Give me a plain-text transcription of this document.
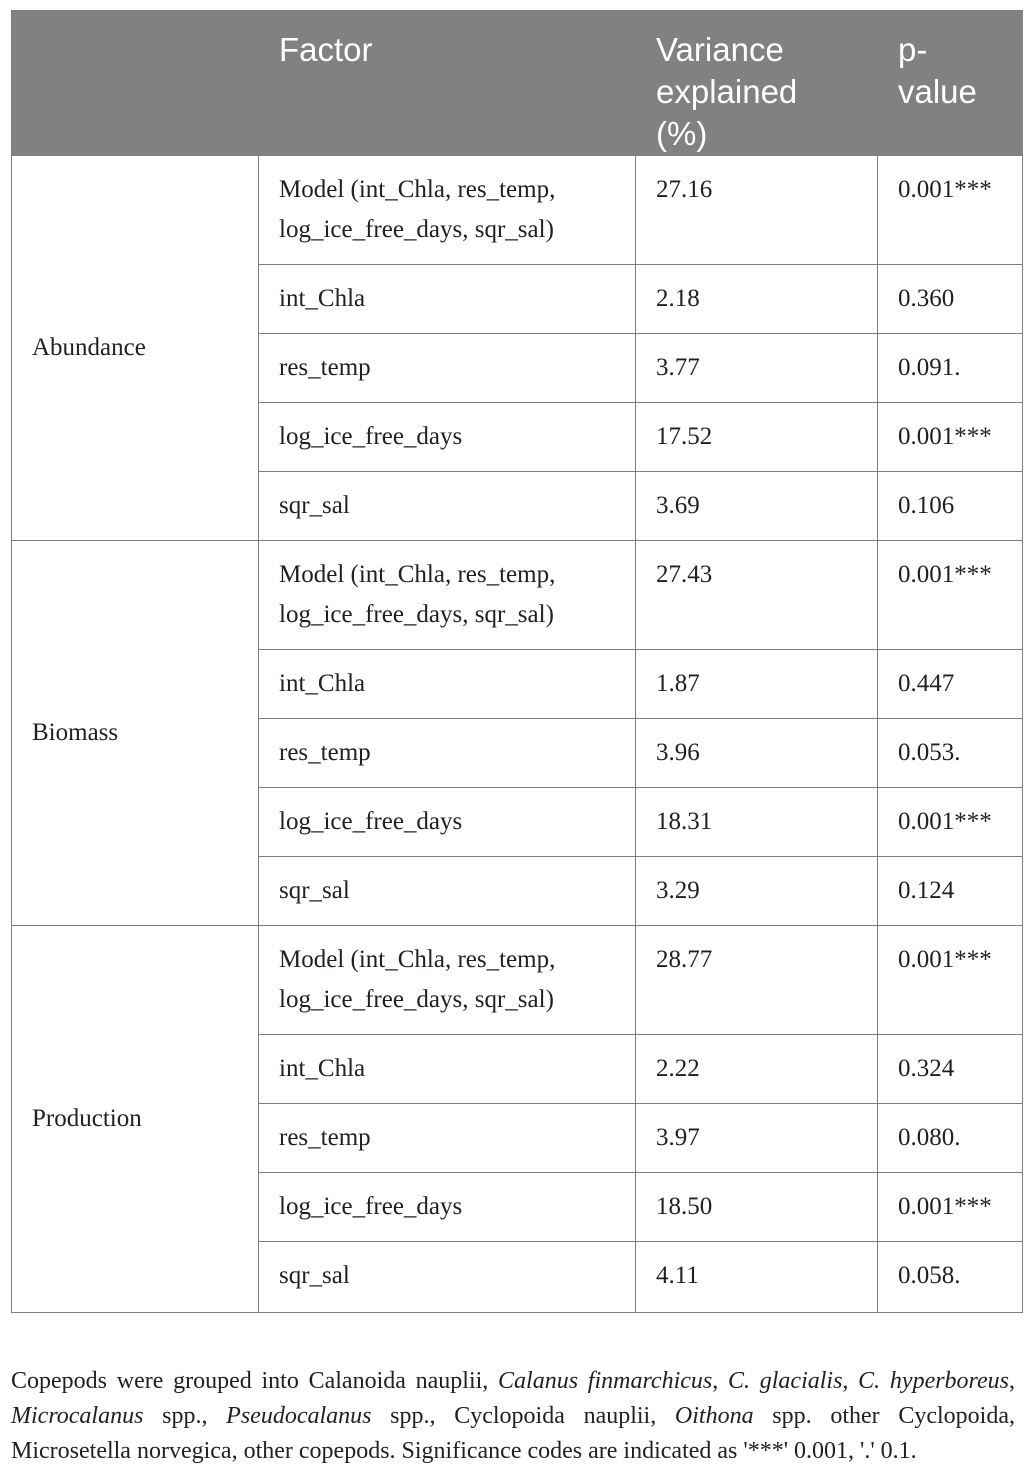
	Factor	Variance explained (%)	p-value
Abundance	Model (int_Chla, res_temp, log_ice_free_days, sqr_sal)	27.16	0.001***
	int_Chla	2.18	0.360
	res_temp	3.77	0.091.
	log_ice_free_days	17.52	0.001***
	sqr_sal	3.69	0.106
Biomass	Model (int_Chla, res_temp, log_ice_free_days, sqr_sal)	27.43	0.001***
	int_Chla	1.87	0.447
	res_temp	3.96	0.053.
	log_ice_free_days	18.31	0.001***
	sqr_sal	3.29	0.124
Production	Model (int_Chla, res_temp, log_ice_free_days, sqr_sal)	28.77	0.001***
	int_Chla	2.22	0.324
	res_temp	3.97	0.080.
	log_ice_free_days	18.50	0.001***
	sqr_sal	4.11	0.058.

Copepods were grouped into Calanoida nauplii, Calanus finmarchicus, C. glacialis, C. hyperboreus, Microcalanus spp., Pseudocalanus spp., Cyclopoida nauplii, Oithona spp. other Cyclopoida, Microsetella norvegica, other copepods. Significance codes are indicated as '***' 0.001, '.' 0.1.
